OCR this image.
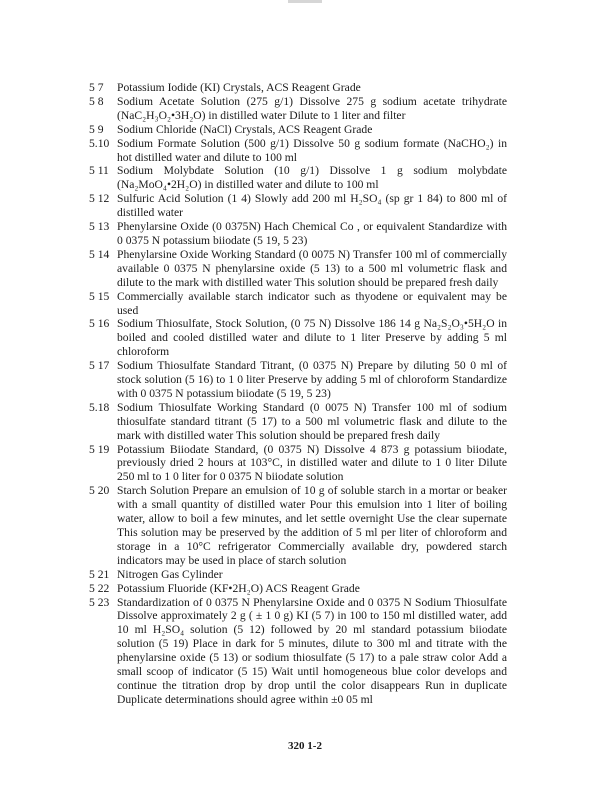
5 7	Potassium Iodide (KI) Crystals, ACS Reagent Grade
5 8	Sodium Acetate Solution (275 g/1) Dissolve 275 g sodium acetate trihydrate (NaC₂H₃O₂•3H₂O) in distilled water Dilute to 1 liter and filter
5 9	Sodium Chloride (NaCl) Crystals, ACS Reagent Grade
5.10 Sodium Formate Solution (500 g/1) Dissolve 50 g sodium formate (NaCHO₂) in hot distilled water and dilute to 100 ml
5 11 Sodium Molybdate Solution (10 g/1) Dissolve 1 g sodium molybdate (Na₂MoO₄•2H₂O) in distilled water and dilute to 100 ml
5 12 Sulfuric Acid Solution (1 4) Slowly add 200 ml H₂SO₄ (sp gr 1 84) to 800 ml of distilled water
5 13 Phenylarsine Oxide (0 0375N) Hach Chemical Co , or equivalent Standardize with 0 0375 N potassium biiodate (5 19, 5 23)
5 14 Phenylarsine Oxide Working Standard (0 0075 N) Transfer 100 ml of commercially available 0 0375 N phenylarsine oxide (5 13) to a 500 ml volumetric flask and dilute to the mark with distilled water This solution should be prepared fresh daily
5 15 Commercially available starch indicator such as thyodene or equivalent may be used
5 16 Sodium Thiosulfate, Stock Solution, (0 75 N) Dissolve 186 14 g Na₂S₂O₃•5H₂O in boiled and cooled distilled water and dilute to 1 liter Preserve by adding 5 ml chloroform
5 17 Sodium Thiosulfate Standard Titrant, (0 0375 N) Prepare by diluting 50 0 ml of stock solution (5 16) to 1 0 liter Preserve by adding 5 ml of chloroform Standardize with 0 0375 N potassium biiodate (5 19, 5 23)
5.18 Sodium Thiosulfate Working Standard (0 0075 N) Transfer 100 ml of sodium thiosulfate standard titrant (5 17) to a 500 ml volumetric flask and dilute to the mark with distilled water This solution should be prepared fresh daily
5 19 Potassium Biiodate Standard, (0 0375 N) Dissolve 4 873 g potassium biiodate, previously dried 2 hours at 103°C, in distilled water and dilute to 1 0 liter Dilute 250 ml to 1 0 liter for 0 0375 N biiodate solution
5 20 Starch Solution Prepare an emulsion of 10 g of soluble starch in a mortar or beaker with a small quantity of distilled water Pour this emulsion into 1 liter of boiling water, allow to boil a few minutes, and let settle overnight Use the clear supernate This solution may be preserved by the addition of 5 ml per liter of chloroform and storage in a 10°C refrigerator Commercially available dry, powdered starch indicators may be used in place of starch solution
5 21 Nitrogen Gas Cylinder
5 22 Potassium Fluoride (KF•2H₂O) ACS Reagent Grade
5 23 Standardization of 0 0375 N Phenylarsine Oxide and 0 0375 N Sodium Thiosulfate Dissolve approximately 2 g ( ± 1 0 g) KI (5 7) in 100 to 150 ml distilled water, add 10 ml H₂SO₄ solution (5 12) followed by 20 ml standard potassium biiodate solution (5 19) Place in dark for 5 minutes, dilute to 300 ml and titrate with the phenylarsine oxide (5 13) or sodium thiosulfate (5 17) to a pale straw color Add a small scoop of indicator (5 15) Wait until homogeneous blue color develops and continue the titration drop by drop until the color disappears Run in duplicate Duplicate determinations should agree within ±0 05 ml
320 1-2
